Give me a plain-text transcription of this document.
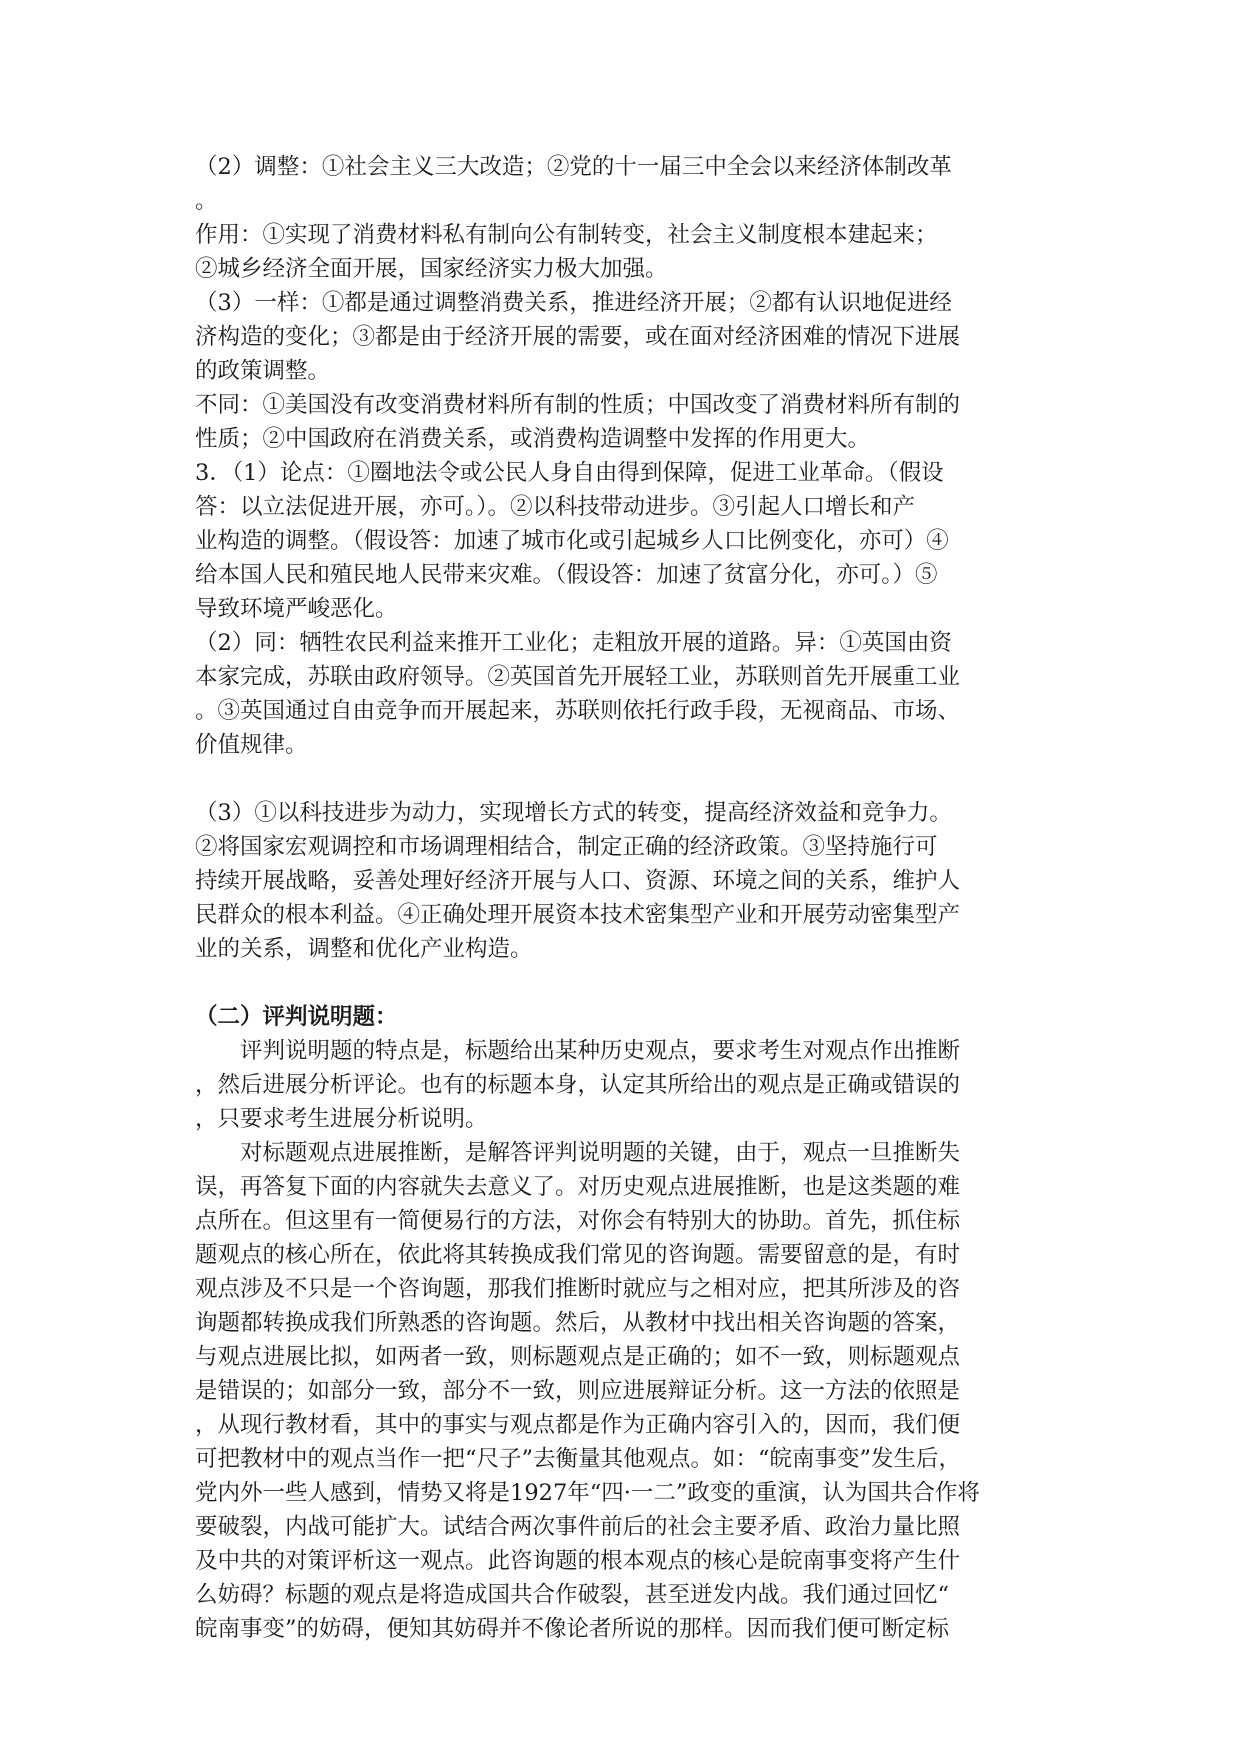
（2）调整：①社会主义三大改造；②党的十一届三中全会以来经济体制改革
。
作用：①实现了消费材料私有制向公有制转变，社会主义制度根本建起来；
②城乡经济全面开展，国家经济实力极大加强。
（3）一样：①都是通过调整消费关系，推进经济开展；②都有认识地促进经
济构造的变化；③都是由于经济开展的需要，或在面对经济困难的情况下进展
的政策调整。
不同：①美国没有改变消费材料所有制的性质；中国改变了消费材料所有制的
性质；②中国政府在消费关系，或消费构造调整中发挥的作用更大。
3．（1）论点：①圈地法令或公民人身自由得到保障，促进工业革命。（假设
答：以立法促进开展，亦可。）。②以科技带动进步。③引起人口增长和产
业构造的调整。（假设答：加速了城市化或引起城乡人口比例变化，亦可）④
给本国人民和殖民地人民带来灾难。（假设答：加速了贫富分化，亦可。）⑤
导致环境严峻恶化。
（2）同：牺牲农民利益来推开工业化；走粗放开展的道路。异：①英国由资
本家完成，苏联由政府领导。②英国首先开展轻工业，苏联则首先开展重工业
。③英国通过自由竞争而开展起来，苏联则依托行政手段，无视商品、市场、
价值规律。
（3）①以科技进步为动力，实现增长方式的转变，提高经济效益和竞争力。
②将国家宏观调控和市场调理相结合，制定正确的经济政策。③坚持施行可
持续开展战略，妥善处理好经济开展与人口、资源、环境之间的关系，维护人
民群众的根本利益。④正确处理开展资本技术密集型产业和开展劳动密集型产
业的关系，调整和优化产业构造。
（二）评判说明题：
　　评判说明题的特点是，标题给出某种历史观点，要求考生对观点作出推断
，然后进展分析评论。也有的标题本身，认定其所给出的观点是正确或错误的
，只要求考生进展分析说明。
　　对标题观点进展推断，是解答评判说明题的关键，由于，观点一旦推断失
误，再答复下面的内容就失去意义了。对历史观点进展推断，也是这类题的难
点所在。但这里有一简便易行的方法，对你会有特别大的协助。首先，抓住标
题观点的核心所在，依此将其转换成我们常见的咨询题。需要留意的是，有时
观点涉及不只是一个咨询题，那我们推断时就应与之相对应，把其所涉及的咨
询题都转换成我们所熟悉的咨询题。然后，从教材中找出相关咨询题的答案，
与观点进展比拟，如两者一致，则标题观点是正确的；如不一致，则标题观点
是错误的；如部分一致，部分不一致，则应进展辩证分析。这一方法的依照是
，从现行教材看，其中的事实与观点都是作为正确内容引入的，因而，我们便
可把教材中的观点当作一把“尺子”去衡量其他观点。如：“皖南事变”发生后，
党内外一些人感到，情势又将是1927年“四·一二”政变的重演，认为国共合作将
要破裂，内战可能扩大。试结合两次事件前后的社会主要矛盾、政治力量比照
及中共的对策评析这一观点。此咨询题的根本观点的核心是皖南事变将产生什
么妨碍？标题的观点是将造成国共合作破裂，甚至迸发内战。我们通过回忆“
皖南事变”的妨碍，便知其妨碍并不像论者所说的那样。因而我们便可断定标
